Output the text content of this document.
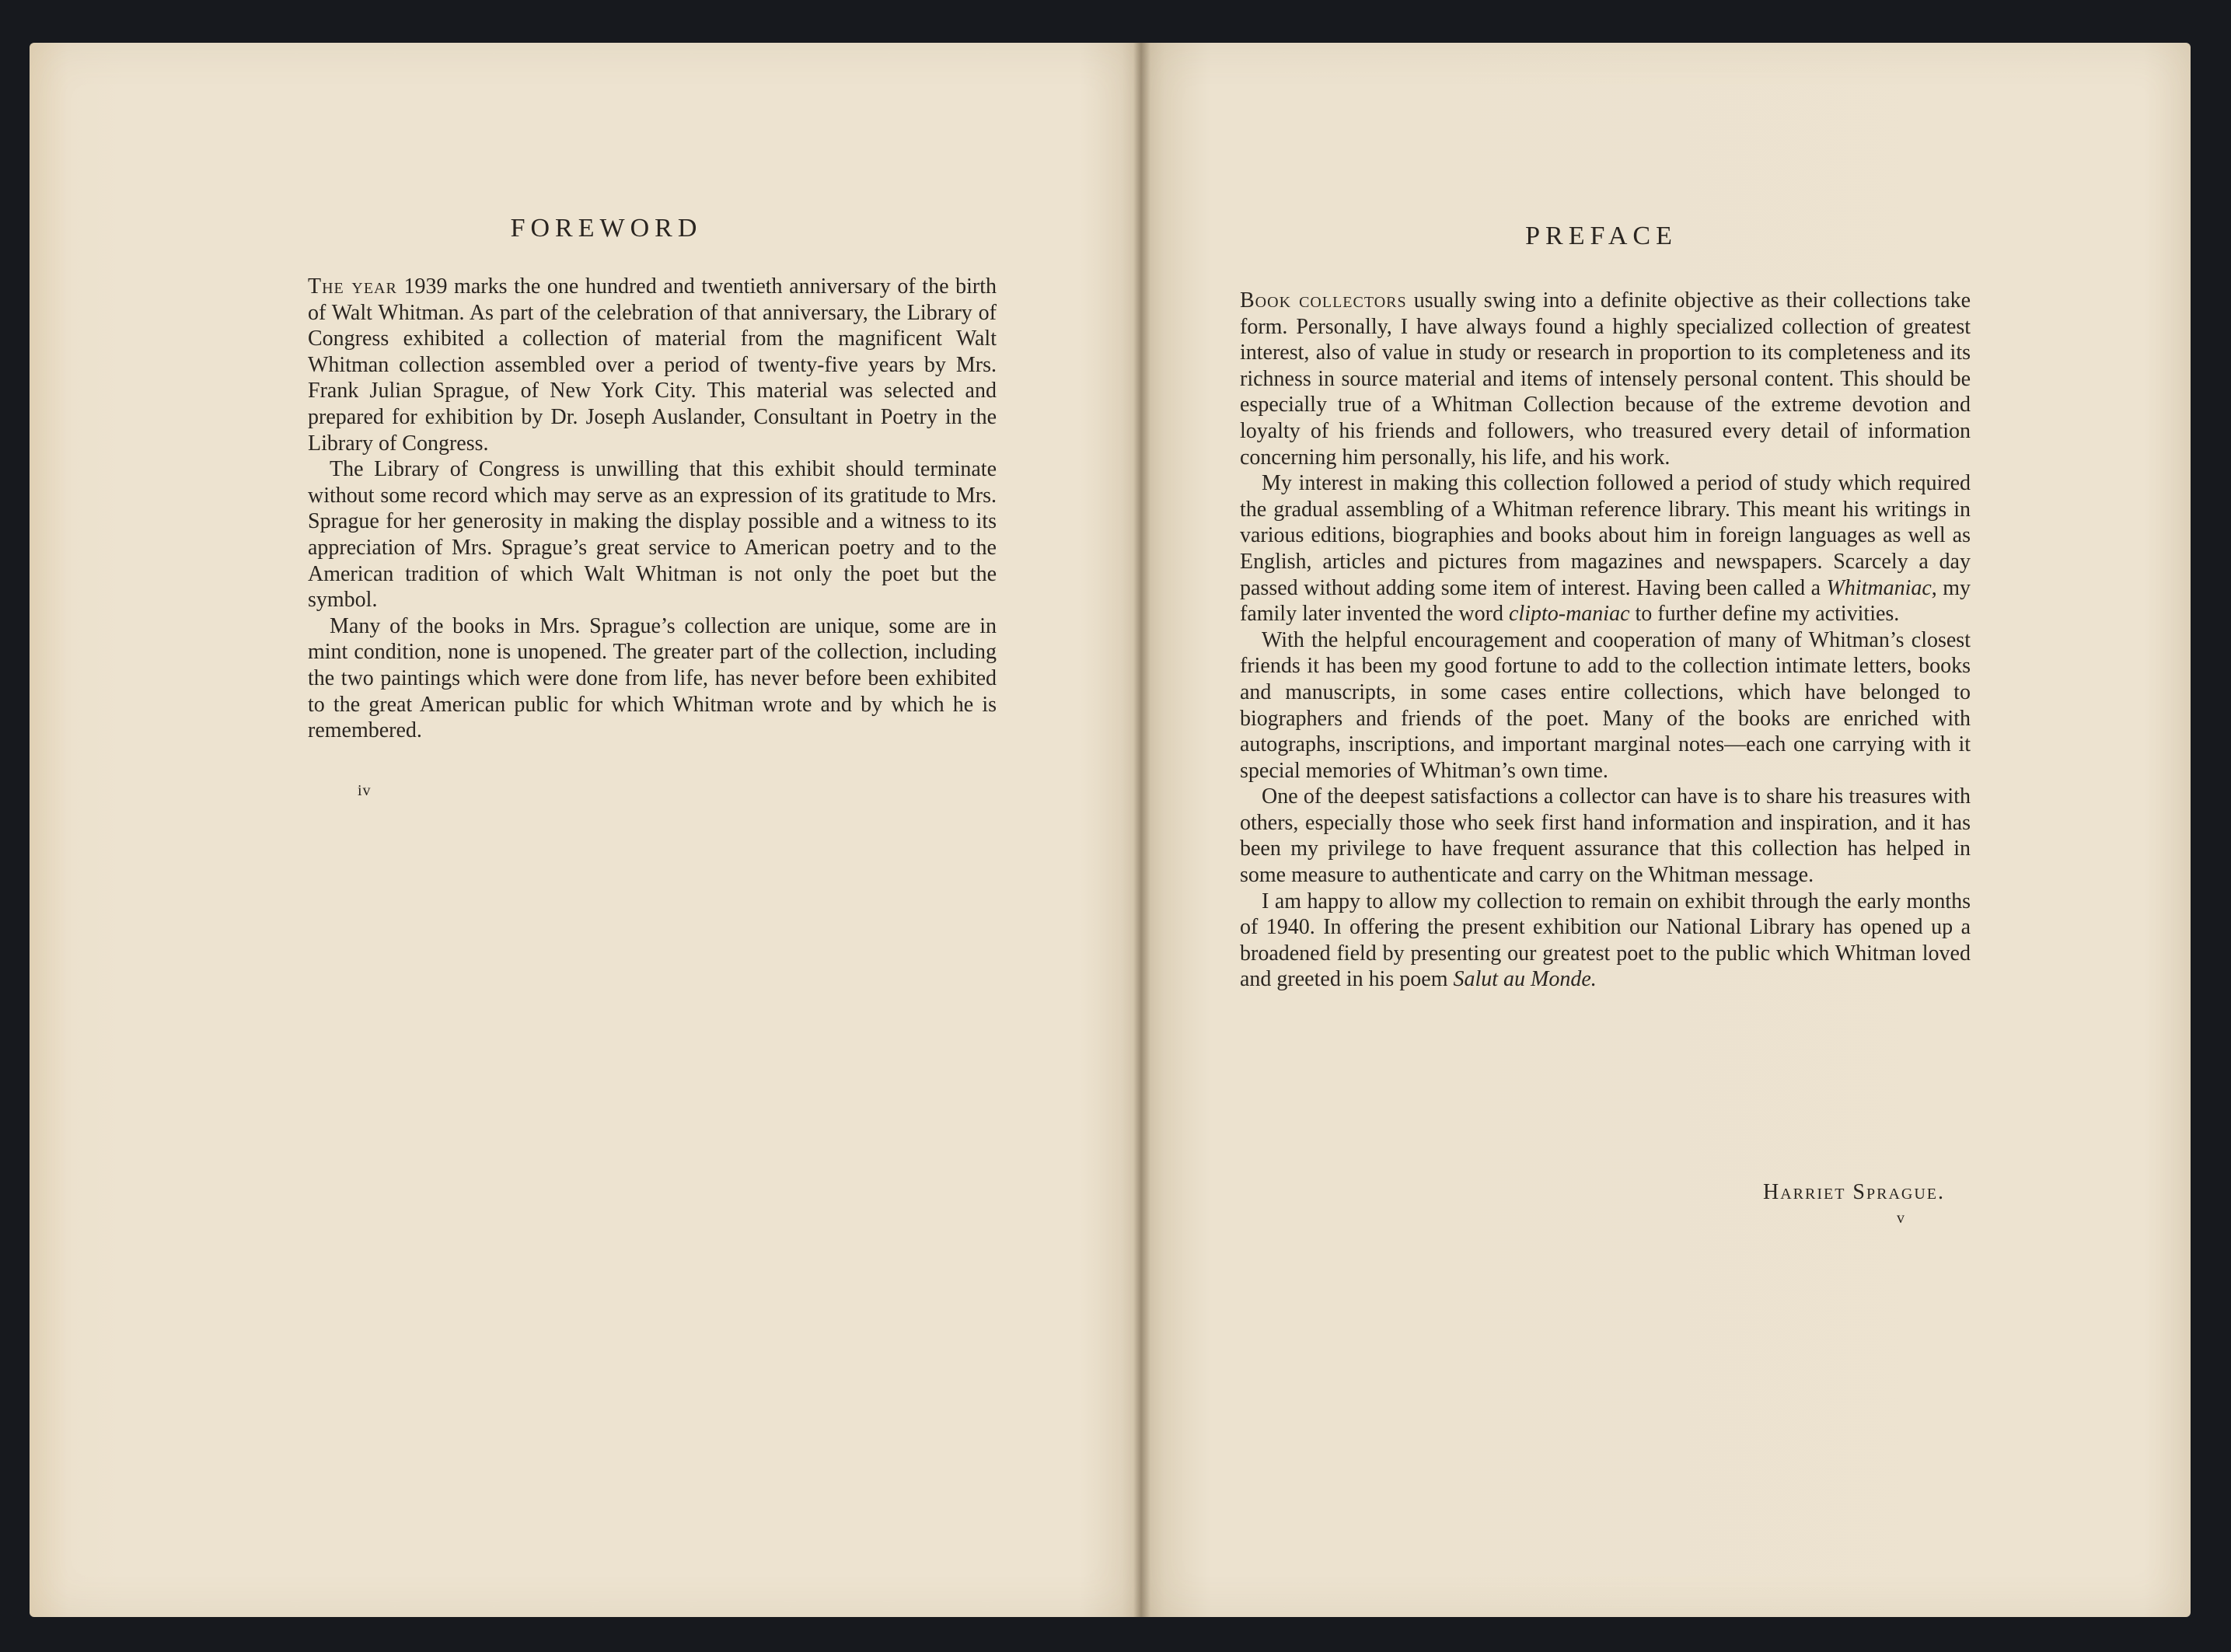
FOREWORD

The year 1939 marks the one hundred and twentieth anniversary of the birth of Walt Whitman. As part of the celebration of that anniversary, the Library of Congress exhibited a collection of material from the magnificent Walt Whitman collection assembled over a period of twenty-five years by Mrs. Frank Julian Sprague, of New York City. This material was selected and prepared for exhibition by Dr. Joseph Auslander, Consultant in Poetry in the Library of Congress.

The Library of Congress is unwilling that this exhibit should terminate without some record which may serve as an expression of its gratitude to Mrs. Sprague for her generosity in making the display possible and a witness to its appreciation of Mrs. Sprague’s great service to American poetry and to the American tradition of which Walt Whitman is not only the poet but the symbol.

Many of the books in Mrs. Sprague’s collection are unique, some are in mint condition, none is unopened. The greater part of the collection, including the two paintings which were done from life, has never before been exhibited to the great American public for which Whitman wrote and by which he is remembered.

iv
PREFACE

Book collectors usually swing into a definite objective as their collections take form. Personally, I have always found a highly specialized collection of greatest interest, also of value in study or research in proportion to its completeness and its richness in source material and items of intensely personal content. This should be especially true of a Whitman Collection because of the extreme devotion and loyalty of his friends and followers, who treasured every detail of information concerning him personally, his life, and his work.

My interest in making this collection followed a period of study which required the gradual assembling of a Whitman reference library. This meant his writings in various editions, biographies and books about him in foreign languages as well as English, articles and pictures from magazines and newspapers. Scarcely a day passed without adding some item of interest. Having been called a Whitmaniac, my family later invented the word clipto-maniac to further define my activities.

With the helpful encouragement and cooperation of many of Whitman’s closest friends it has been my good fortune to add to the collection intimate letters, books and manuscripts, in some cases entire collections, which have belonged to biographers and friends of the poet. Many of the books are enriched with autographs, inscriptions, and important marginal notes—each one carrying with it special memories of Whitman’s own time.

One of the deepest satisfactions a collector can have is to share his treasures with others, especially those who seek first hand information and inspiration, and it has been my privilege to have frequent assurance that this collection has helped in some measure to authenticate and carry on the Whitman message.

I am happy to allow my collection to remain on exhibit through the early months of 1940. In offering the present exhibition our National Library has opened up a broadened field by presenting our greatest poet to the public which Whitman loved and greeted in his poem Salut au Monde.

Harriet Sprague.
v
